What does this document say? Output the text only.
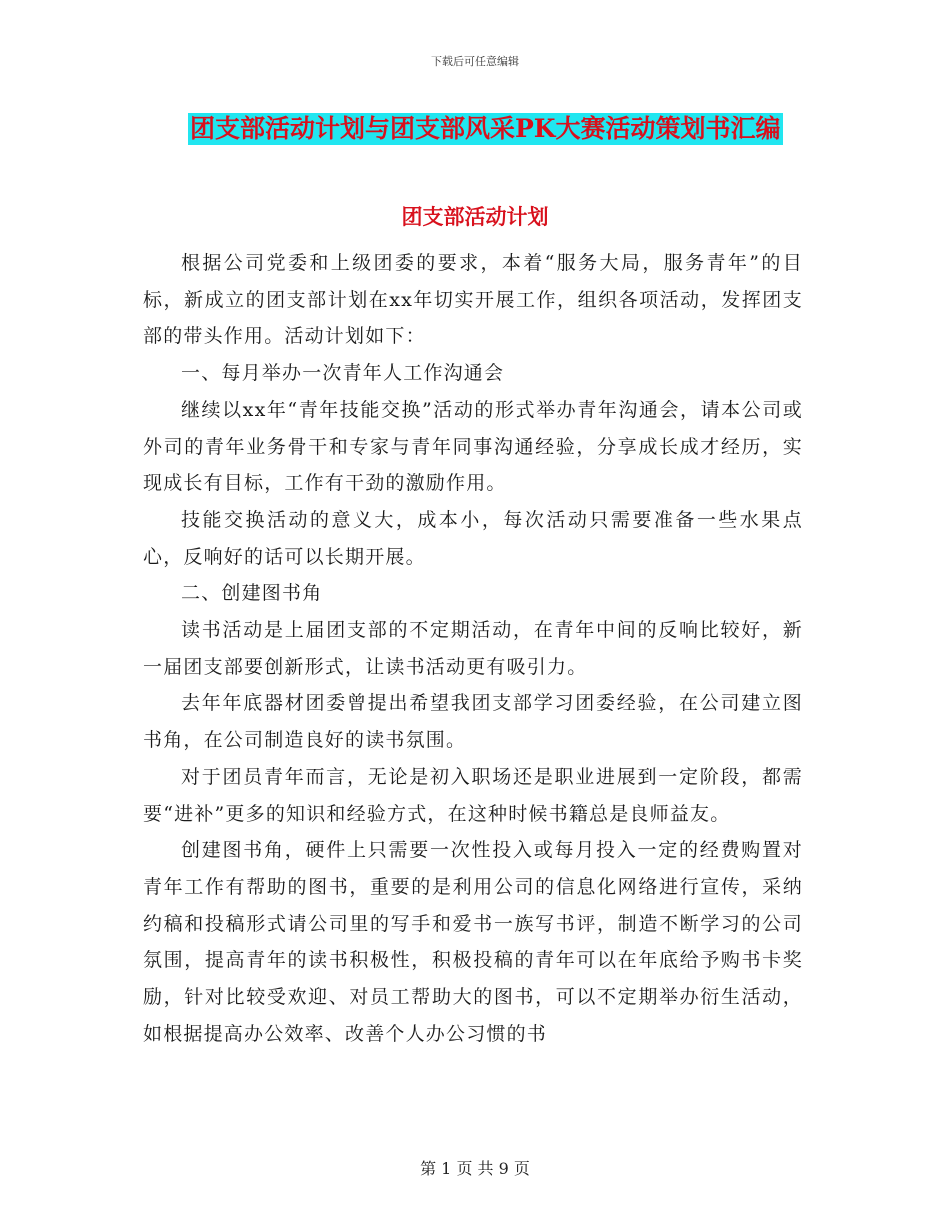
下载后可任意编辑
团支部活动计划与团支部风采PK大赛活动策划书汇编
团支部活动计划

根据公司党委和上级团委的要求，本着“服务大局，服务青年”的目标，新成立的团支部计划在xx年切实开展工作，组织各项活动，发挥团支部的带头作用。活动计划如下：

一、每月举办一次青年人工作沟通会

继续以xx年“青年技能交换”活动的形式举办青年沟通会，请本公司或外司的青年业务骨干和专家与青年同事沟通经验，分享成长成才经历，实现成长有目标，工作有干劲的激励作用。

技能交换活动的意义大，成本小，每次活动只需要准备一些水果点心，反响好的话可以长期开展。

二、创建图书角

读书活动是上届团支部的不定期活动，在青年中间的反响比较好，新一届团支部要创新形式，让读书活动更有吸引力。

去年年底器材团委曾提出希望我团支部学习团委经验，在公司建立图书角，在公司制造良好的读书氛围。

对于团员青年而言，无论是初入职场还是职业进展到一定阶段，都需要“进补”更多的知识和经验方式，在这种时候书籍总是良师益友。

创建图书角，硬件上只需要一次性投入或每月投入一定的经费购置对青年工作有帮助的图书，重要的是利用公司的信息化网络进行宣传，采纳约稿和投稿形式请公司里的写手和爱书一族写书评，制造不断学习的公司氛围，提高青年的读书积极性，积极投稿的青年可以在年底给予购书卡奖励，针对比较受欢迎、对员工帮助大的图书，可以不定期举办衍生活动，如根据提高办公效率、改善个人办公习惯的书

第 1 页 共 9 页
